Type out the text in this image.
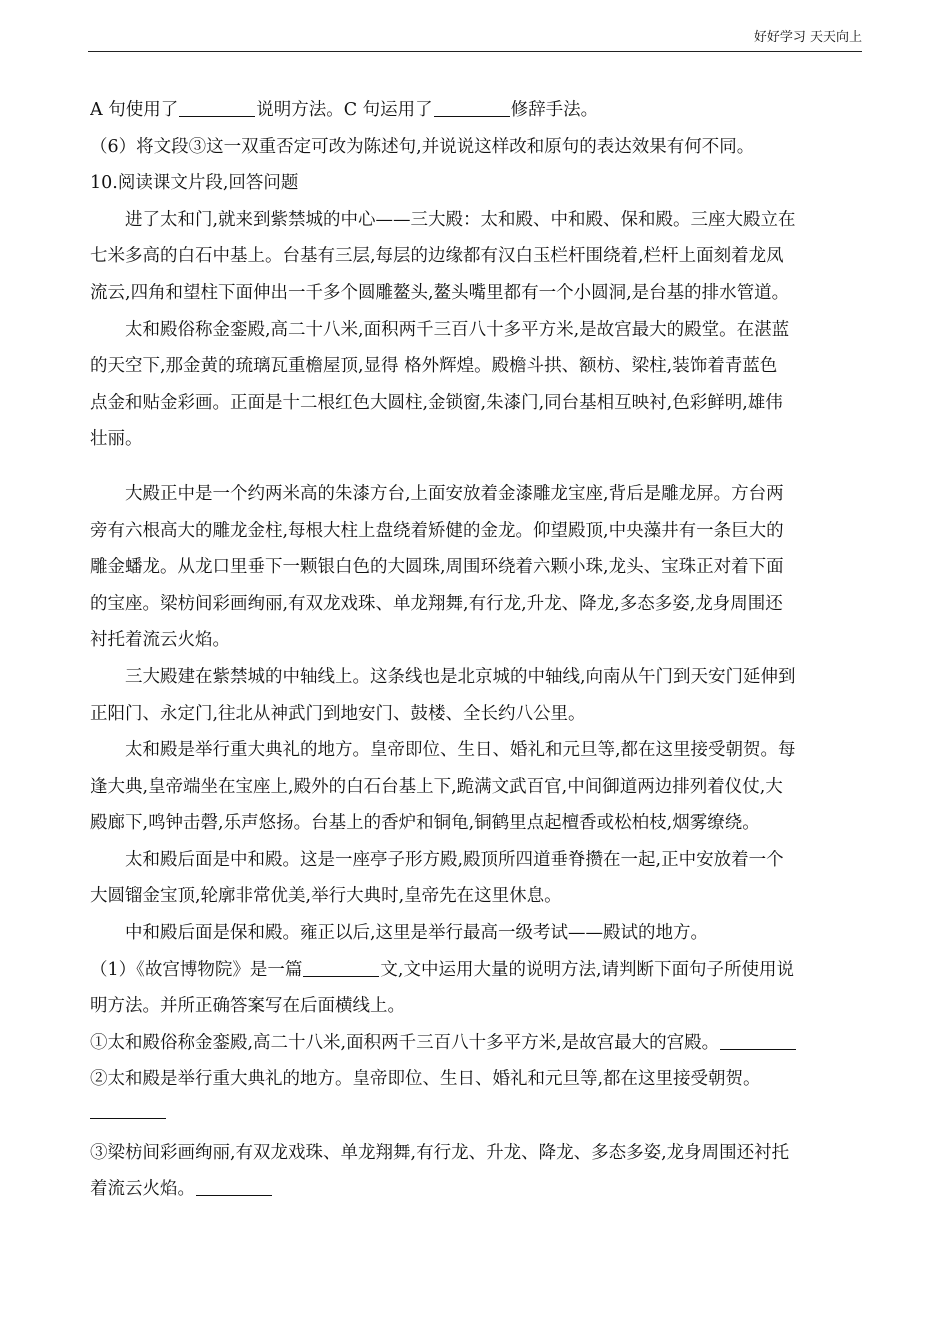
好好学习 天天向上
A 句使用了	说明方法。C 句运用了	修辞手法。
（6）将文段③这一双重否定可改为陈述句,并说说这样改和原句的表达效果有何不同。
10.阅读课文片段,回答问题
进了太和门,就来到紫禁城的中心——三大殿：太和殿、中和殿、保和殿。三座大殿立在
七米多高的白石中基上。台基有三层,每层的边缘都有汉白玉栏杆围绕着,栏杆上面刻着龙凤
流云,四角和望柱下面伸出一千多个圆雕鳌头,鳌头嘴里都有一个小圆洞,是台基的排水管道。
太和殿俗称金銮殿,高二十八米,面积两千三百八十多平方米,是故宫最大的殿堂。在湛蓝
的天空下,那金黄的琉璃瓦重檐屋顶,显得 格外辉煌。殿檐斗拱、额枋、梁柱,装饰着青蓝色
点金和贴金彩画。正面是十二根红色大圆柱,金锁窗,朱漆门,同台基相互映衬,色彩鲜明,雄伟
壮丽。
大殿正中是一个约两米高的朱漆方台,上面安放着金漆雕龙宝座,背后是雕龙屏。方台两
旁有六根高大的雕龙金柱,每根大柱上盘绕着矫健的金龙。仰望殿顶,中央藻井有一条巨大的
雕金蟠龙。从龙口里垂下一颗银白色的大圆珠,周围环绕着六颗小珠,龙头、宝珠正对着下面
的宝座。梁枋间彩画绚丽,有双龙戏珠、单龙翔舞,有行龙,升龙、降龙,多态多姿,龙身周围还
衬托着流云火焰。
三大殿建在紫禁城的中轴线上。这条线也是北京城的中轴线,向南从午门到天安门延伸到
正阳门、永定门,往北从神武门到地安门、鼓楼、全长约八公里。
太和殿是举行重大典礼的地方。皇帝即位、生日、婚礼和元旦等,都在这里接受朝贺。每
逢大典,皇帝端坐在宝座上,殿外的白石台基上下,跪满文武百官,中间御道两边排列着仪仗,大
殿廊下,鸣钟击磬,乐声悠扬。台基上的香炉和铜龟,铜鹤里点起檀香或松柏枝,烟雾缭绕。
太和殿后面是中和殿。这是一座亭子形方殿,殿顶所四道垂脊攒在一起,正中安放着一个
大圆镏金宝顶,轮廓非常优美,举行大典时,皇帝先在这里休息。
中和殿后面是保和殿。雍正以后,这里是举行最高一级考试——殿试的地方。
（1）《故宫博物院》是一篇	文,文中运用大量的说明方法,请判断下面句子所使用说
明方法。并所正确答案写在后面横线上。
①太和殿俗称金銮殿,高二十八米,面积两千三百八十多平方米,是故宫最大的宫殿。
②太和殿是举行重大典礼的地方。皇帝即位、生日、婚礼和元旦等,都在这里接受朝贺。
③梁枋间彩画绚丽,有双龙戏珠、单龙翔舞,有行龙、升龙、降龙、多态多姿,龙身周围还衬托
着流云火焰。
